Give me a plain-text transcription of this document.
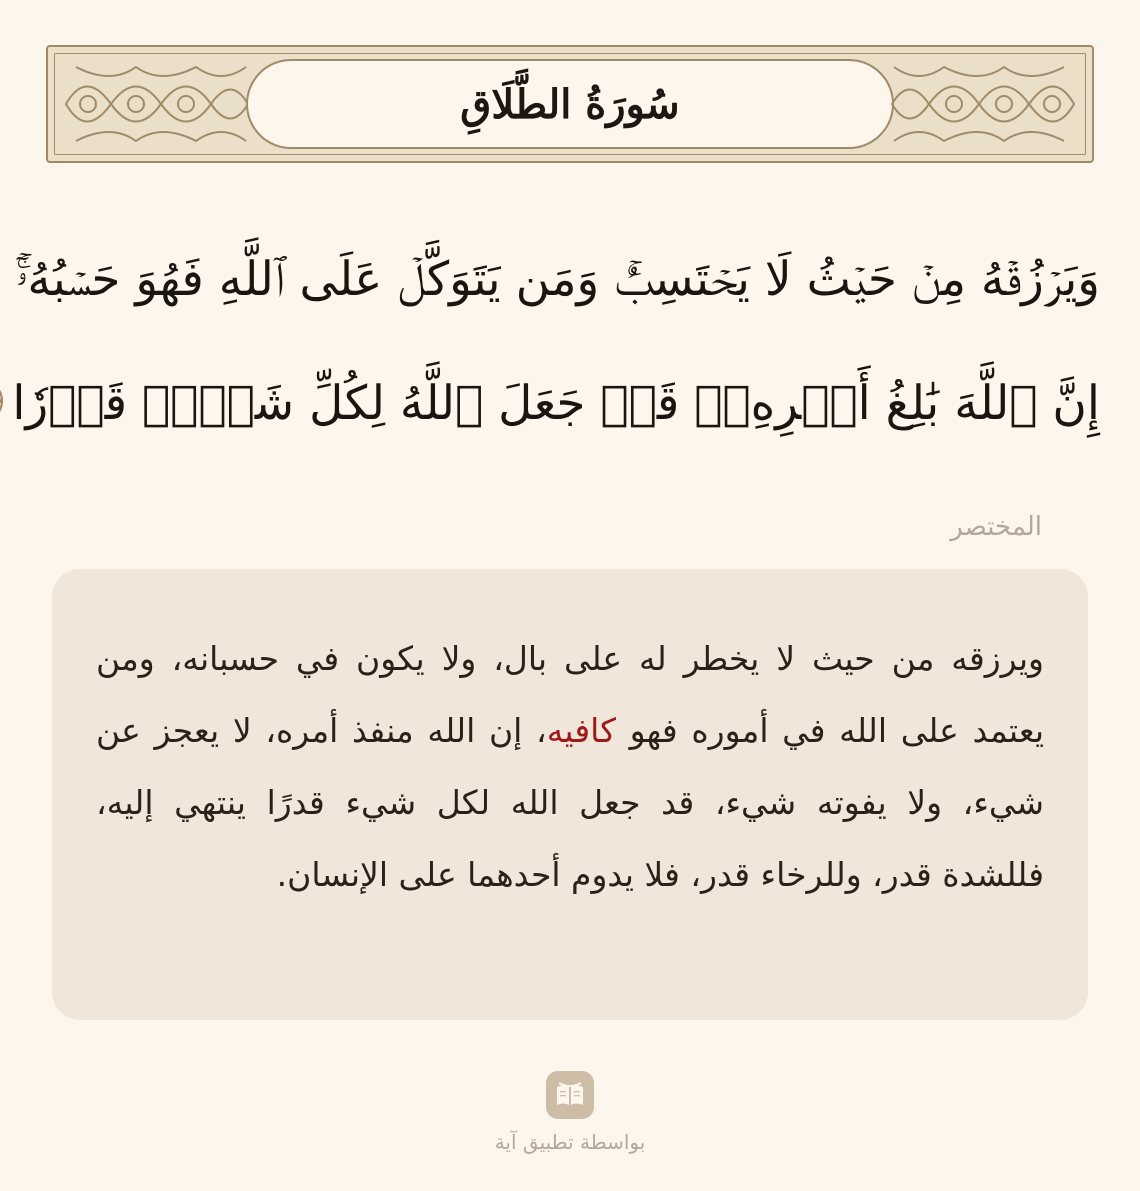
سُورَةُ الطَّلَاقِ
وَيَرۡزُقۡهُ مِنۡ حَيۡثُ لَا يَحۡتَسِبُۚ وَمَن يَتَوَكَّلۡ عَلَى ٱللَّهِ فَهُوَ حَسۡبُهُۥٓۚ
إِنَّ ٱللَّهَ بَٰلِغُ أَمۡرِهِۦۚ قَدۡ جَعَلَ ٱللَّهُ لِكُلِّ شَيۡءٖ قَدۡرٗا
المختصر

ويرزقه من حيث لا يخطر له على بال، ولا يكون في حسبانه، ومن يعتمد على الله في أموره فهو كافيه، إن الله منفذ أمره، لا يعجز عن شيء، ولا يفوته شيء، قد جعل الله لكل شيء قدرًا ينتهي إليه، فللشدة قدر، وللرخاء قدر، فلا يدوم أحدهما على الإنسان.

بواسطة تطبيق آية
